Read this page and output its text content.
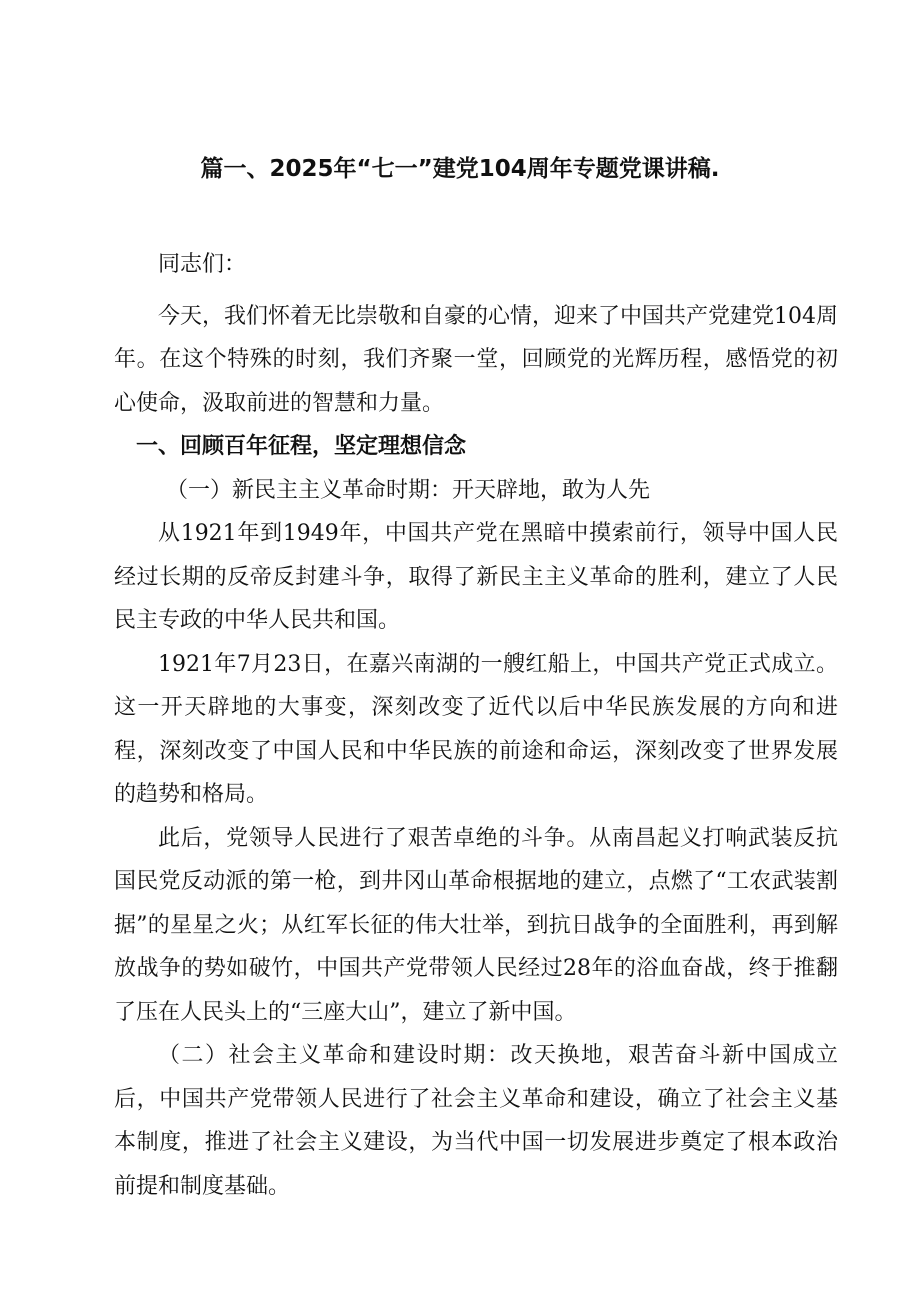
篇一、2025年“七一”建党104周年专题党课讲稿.

同志们：

今天，我们怀着无比崇敬和自豪的心情，迎来了中国共产党建党104周年。在这个特殊的时刻，我们齐聚一堂，回顾党的光辉历程，感悟党的初心使命，汲取前进的智慧和力量。

一、回顾百年征程，坚定理想信念

（一）新民主主义革命时期：开天辟地，敢为人先

从1921年到1949年，中国共产党在黑暗中摸索前行，领导中国人民经过长期的反帝反封建斗争，取得了新民主主义革命的胜利，建立了人民民主专政的中华人民共和国。

1921年7月23日，在嘉兴南湖的一艘红船上，中国共产党正式成立。这一开天辟地的大事变，深刻改变了近代以后中华民族发展的方向和进程，深刻改变了中国人民和中华民族的前途和命运，深刻改变了世界发展的趋势和格局。

此后，党领导人民进行了艰苦卓绝的斗争。从南昌起义打响武装反抗国民党反动派的第一枪，到井冈山革命根据地的建立，点燃了“工农武装割据”的星星之火；从红军长征的伟大壮举，到抗日战争的全面胜利，再到解放战争的势如破竹，中国共产党带领人民经过28年的浴血奋战，终于推翻了压在人民头上的“三座大山”，建立了新中国。

（二）社会主义革命和建设时期：改天换地，艰苦奋斗新中国成立后，中国共产党带领人民进行了社会主义革命和建设，确立了社会主义基本制度，推进了社会主义建设，为当代中国一切发展进步奠定了根本政治前提和制度基础。
